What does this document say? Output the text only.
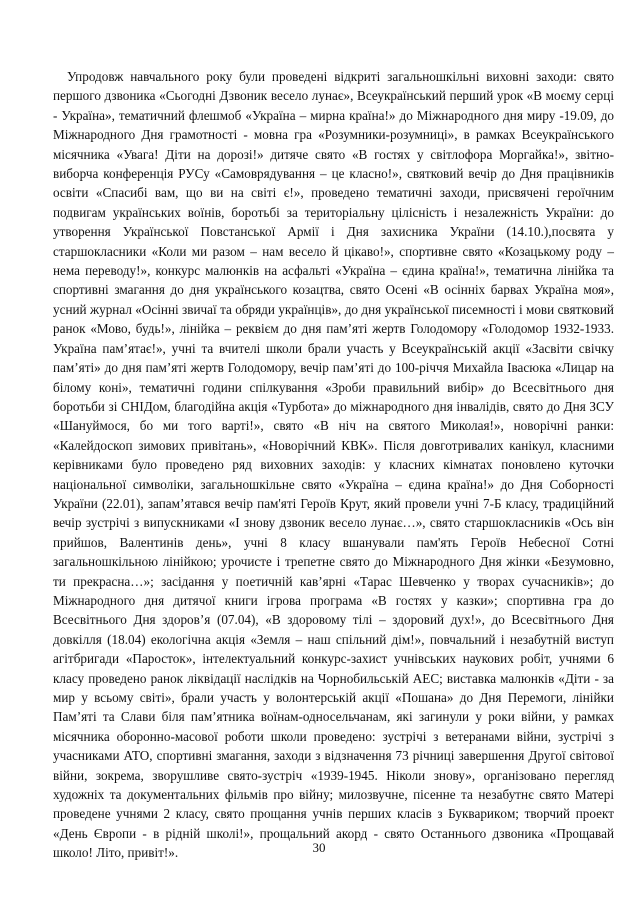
Упродовж навчального року були проведені відкриті загальношкільні виховні заходи: свято першого дзвоника «Сьогодні Дзвоник весело лунає», Всеукраїнський перший урок «В моєму серці - Україна», тематичний флешмоб «Україна – мирна країна!» до Міжнародного дня миру -19.09, до Міжнародного Дня грамотності - мовна гра «Розумники-розумниці», в рамках Всеукраїнського місячника «Увага! Діти на дорозі!» дитяче свято «В гостях у світлофора Моргайка!», звітно-виборча конференція РУСу «Самоврядування – це класно!», святковий вечір до Дня працівників освіти «Спасибі вам, що ви на світі є!», проведено тематичні заходи, присвячені героїчним подвигам українських воїнів, боротьбі за територіальну цілісність і незалежність України: до утворення Української Повстанської Армії і Дня захисника України (14.10.),посвята у старшокласники «Коли ми разом – нам весело й цікаво!», спортивне свято «Козацькому роду – нема переводу!», конкурс малюнків на асфальті «Україна – єдина країна!», тематична лінійка та спортивні змагання до дня українського козацтва, свято Осені «В осінніх барвах Україна моя», усний журнал «Осінні звичаї та обряди українців», до дня української писемності і мови святковий ранок «Мово, будь!», лінійка – реквієм до дня пам’яті жертв Голодомору «Голодомор 1932-1933. Україна пам’ятає!», учні та вчителі школи брали участь у Всеукраїнській акції «Засвіти свічку пам’яті» до дня пам’яті жертв Голодомору, вечір пам’яті до 100-річчя Михайла Івасюка «Лицар на білому коні», тематичні години спілкування «Зроби правильний вибір» до Всесвітнього дня боротьби зі СНІДом, благодійна акція «Турбота» до міжнародного дня інвалідів, свято до Дня ЗСУ «Шануймося, бо ми того варті!», свято «В ніч на святого Миколая!», новорічні ранки: «Калейдоскоп зимових привітань», «Новорічний КВК». Після довготривалих канікул, класними керівниками було проведено ряд виховних заходів: у класних кімнатах поновлено куточки національної символіки, загальношкільне свято «Україна – єдина країна!» до Дня Соборності України (22.01), запам’ятався вечір пам'яті Героїв Крут, який провели учні 7-Б класу, традиційний вечір зустрічі з випускниками «І знову дзвоник весело лунає…», свято старшокласників «Ось він прийшов, Валентинів день», учні 8 класу вшанували пам'ять Героїв Небесної Сотні загальношкільною лінійкою; урочисте і трепетне свято до Міжнародного Дня жінки «Безумовно, ти прекрасна…»; засідання у поетичній кав’ярні «Тарас Шевченко у творах сучасників»; до Міжнародного дня дитячої книги ігрова програма «В гостях у казки»; спортивна гра до Всесвітнього Дня здоров’я (07.04), «В здоровому тілі – здоровий дух!», до Всесвітнього Дня довкілля (18.04) екологічна акція «Земля – наш спільний дім!», повчальний і незабутній виступ агітбригади «Паросток», інтелектуальний конкурс-захист учнівських наукових робіт, учнями 6 класу проведено ранок ліквідації наслідків на Чорнобильській АЕС; виставка малюнків «Діти - за мир у всьому світі», брали участь у волонтерській акції «Пошана» до Дня Перемоги, лінійки Пам’яті та Слави біля пам’ятника воїнам-односельчанам, які загинули у роки війни, у рамках місячника оборонно-масової роботи школи проведено: зустрічі з ветеранами війни, зустрічі з учасниками АТО, спортивні змагання, заходи з відзначення 73 річниці завершення Другої світової війни, зокрема, зворушливе свято-зустріч «1939-1945. Ніколи знову», організовано перегляд художніх та документальних фільмів про війну; милозвучне, пісенне та незабутнє свято Матері проведене учнями 2 класу, свято прощання учнів перших класів з Букварикoм; творчий проект «День Європи - в рідній школі!», прощальний акорд - свято Останнього дзвоника «Прощавай школо! Літо, привіт!».	30
